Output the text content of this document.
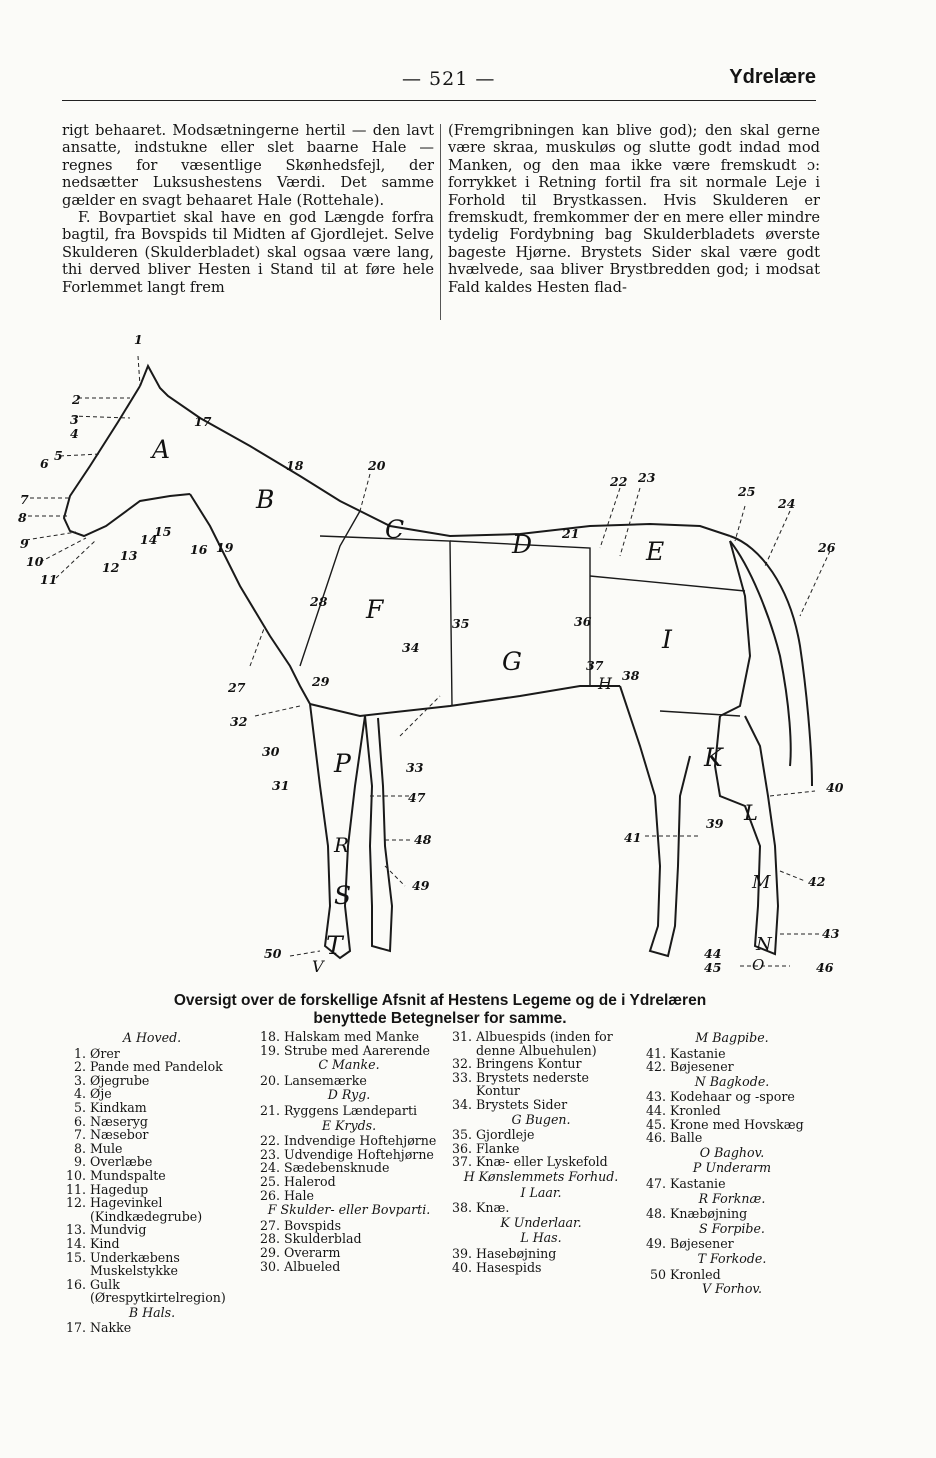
— 521 —	Ydrelære

rigt behaaret. Modsætningerne hertil — den lavt ansatte, indstukne eller slet baarne Hale — regnes for væsentlige Skønhedsfejl, der nedsætter Luksushestens Værdi. Det samme gælder en svagt behaaret Hale (Rottehale).

F. Bovpartiet skal have en god Længde forfra bagtil, fra Bovspids til Midten af Gjordlejet. Selve Skulderen (Skulderbladet) skal ogsaa være lang, thi derved bliver Hesten i Stand til at føre hele Forlemmet langt frem

(Fremgribningen kan blive god); den skal gerne være skraa, muskuløs og slutte godt indad mod Manken, og den maa ikke være fremskudt ɔ: forrykket i Retning fortil fra sit normale Leje i Forhold til Brystkassen. Hvis Skulderen er fremskudt, fremkommer der en mere eller mindre tydelig Fordybning bag Skulderbladets øverste bageste Hjørne. Brystets Sider skal være godt hvælvede, saa bliver Brystbredden god; i modsat Fald kaldes Hesten flad-

A
B
C
D	E
F
G
H
I
K
L
M
N
O
P
R
S
T
V
1
2
3
4
5
6
7
8
9
10
11
12
13
14
15
16
17
18
19
20
21
22 23
24
25
26
27
28
29
30
31
32
33
34
35	36
37
38
39
40
41
42
43
44
45	46
47
48
49
50
Oversigt over de forskellige Afsnit af Hestens Legeme og de i Ydrelæren
benyttede Betegnelser for samme.
A Hoved.
1. Ører
2. Pande med Pandelok
3. Øjegrube
4. Øje
5. Kindkam
6. Næseryg
7. Næsebor
8. Mule
9. Overlæbe
10. Mundspalte
11. Hagedup
12. Hagevinkel (Kindkædegrube)
13. Mundvig
14. Kind
15. Underkæbens Muskelstykke
16. Gulk (Ørespytkirtelregion)
B Hals.
17. Nakke
18. Halskam med Manke
19. Strube med Aarerende
C Manke.
20. Lansemærke
D Ryg.
21. Ryggens Lændeparti
E Kryds.
22. Indvendige Hoftehjørne
23. Udvendige Hoftehjørne
24. Sædebensknude
25. Halerod
26. Hale
F Skulder- eller Bovparti.
27. Bovspids
28. Skulderblad
29. Overarm
30. Albueled
31. Albuespids (inden for denne Albuehulen)
32. Bringens Kontur
33. Brystets nederste Kontur
34. Brystets Sider
G Bugen.
35. Gjordleje
36. Flanke
37. Knæ- eller Lyskefold
H Kønslemmets Forhud.
I Laar.
38. Knæ.
K Underlaar.
L Has.
39. Hasebøjning
40. Hasespids
M Bagpibe.
41. Kastanie
42. Bøjesener
N Bagkode.
43. Kodehaar og -spore
44. Kronled
45. Krone med Hovskæg
46. Balle
O Baghov.
P Underarm
47. Kastanie
R Forknæ.
48. Knæbøjning
S Forpibe.
49. Bøjesener
T Forkode.
50 Kronled
V Forhov.
